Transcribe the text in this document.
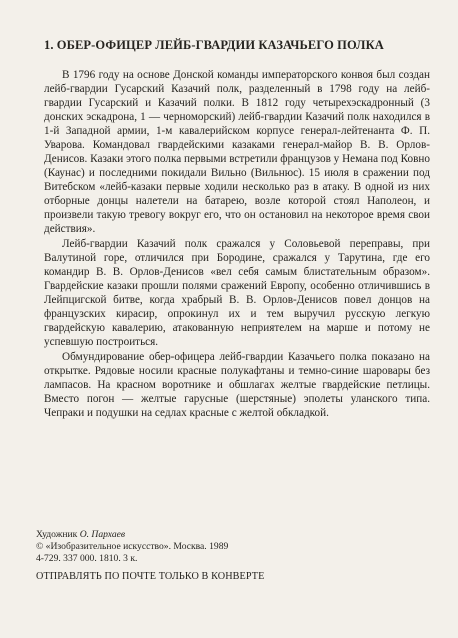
1. ОБЕР-ОФИЦЕР ЛЕЙБ-ГВАРДИИ КАЗАЧЬЕГО ПОЛКА

В 1796 году на основе Донской команды императорского конвоя был создан лейб-гвардии Гусарский Казачий полк, разделенный в 1798 году на лейб-гвардии Гусарский и Казачий полки. В 1812 году четырехэскадронный (3 донских эскадрона, 1 — черноморский) лейб-гвардии Казачий полк находился в 1-й Западной армии, 1-м кавалерийском корпусе генерал-лейтенанта Ф. П. Уварова. Командовал гвардейскими казаками генерал-майор В. В. Орлов-Денисов. Казаки этого полка первыми встретили французов у Немана под Ковно (Каунас) и последними покидали Вильно (Вильнюс). 15 июля в сражении под Витебском «лейб-казаки первые ходили несколько раз в атаку. В одной из них отборные донцы налетели на батарею, возле которой стоял Наполеон, и произвели такую тревогу вокруг его, что он остановил на некоторое время свои действия».

Лейб-гвардии Казачий полк сражался у Соловьевой переправы, при Валутиной горе, отличился при Бородине, сражался у Тарутина, где его командир В. В. Орлов-Денисов «вел себя самым блистательным образом». Гвардейские казаки прошли полями сражений Европу, особенно отличившись в Лейпцигской битве, когда храбрый В. В. Орлов-Денисов повел донцов на французских кирасир, опрокинул их и тем выручил русскую легкую гвардейскую кавалерию, атакованную неприятелем на марше и потому не успевшую построиться.

Обмундирование обер-офицера лейб-гвардии Казачьего полка показано на открытке. Рядовые носили красные полукафтаны и темно-синие шаровары без лампасов. На красном воротнике и обшлагах желтые гвардейские петлицы. Вместо погон — желтые гарусные (шерстяные) эполеты уланского типа. Чепраки и подушки на седлах красные с желтой обкладкой.

Художник О. Пархаев
© «Изобразительное искусство». Москва. 1989
4-729. 337 000. 1810. 3 к.
ОТПРАВЛЯТЬ ПО ПОЧТЕ ТОЛЬКО В КОНВЕРТЕ
